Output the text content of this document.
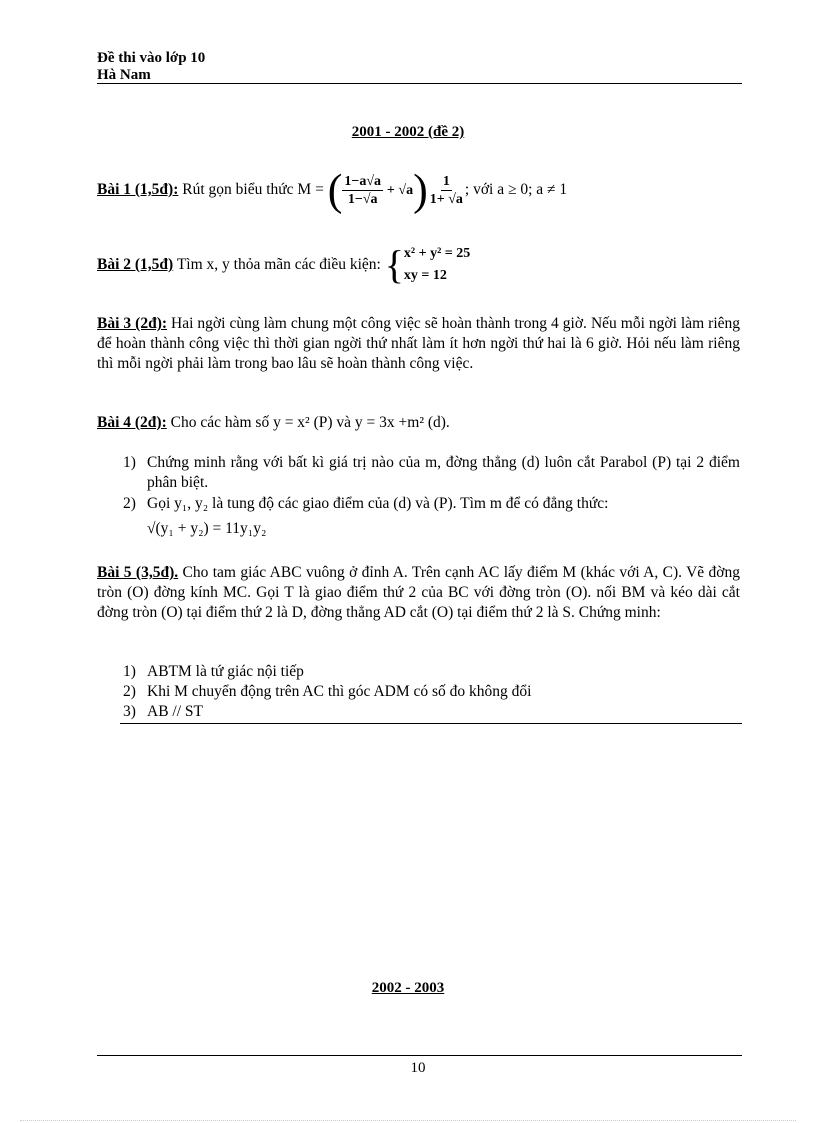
Đề thi vào lớp 10
Hà Nam
2001 - 2002 (đề 2)
Bài 1 (1,5đ): Rút gọn biểu thức M = ( $\frac{1-a√a}{1-√a} + √a) \frac{1}{1+ √a}$ ; với a ≥ 0; a ≠ 1
Bài 2 (1,5đ) Tìm x, y thỏa mãn các điều kiện: {x² + y² = 25
xy = 12
Bài 3 (2đ): Hai ngời cùng làm chung một công việc sẽ hoàn thành trong 4 giờ. Nếu mỗi ngời làm riêng để hoàn thành công việc thì thời gian ngời thứ nhất làm ít hơn ngời thứ hai là 6 giờ. Hỏi nếu làm riêng thì mỗi ngời phải làm trong bao lâu sẽ hoàn thành công việc.
Bài 4 (2đ): Cho các hàm số y = x² (P) và y = 3x +m² (d).
1) Chứng minh rằng với bất kì giá trị nào của m, đờng thẳng (d) luôn cắt Parabol (P) tại 2 điểm phân biệt.
2) Gọi y₁, y₂ là tung độ các giao điểm của (d) và (P). Tìm m để có đẳng thức:
√(y₁ + y₂) = 11y₁y₂
Bài 5 (3,5đ). Cho tam giác ABC vuông ở đỉnh A. Trên cạnh AC lấy điểm M (khác với A, C). Vẽ đờng tròn (O) đờng kính MC. Gọi T là giao điểm thứ 2 của BC với đờng tròn (O). nối BM và kéo dài cắt đờng tròn (O) tại điểm thứ 2 là D, đờng thẳng AD cắt (O) tại điểm thứ 2 là S. Chứng minh:
1) ABTM là tứ giác nội tiếp
2) Khi M chuyển động trên AC thì góc ADM có số đo không đổi
3) AB // ST
2002 - 2003
10
